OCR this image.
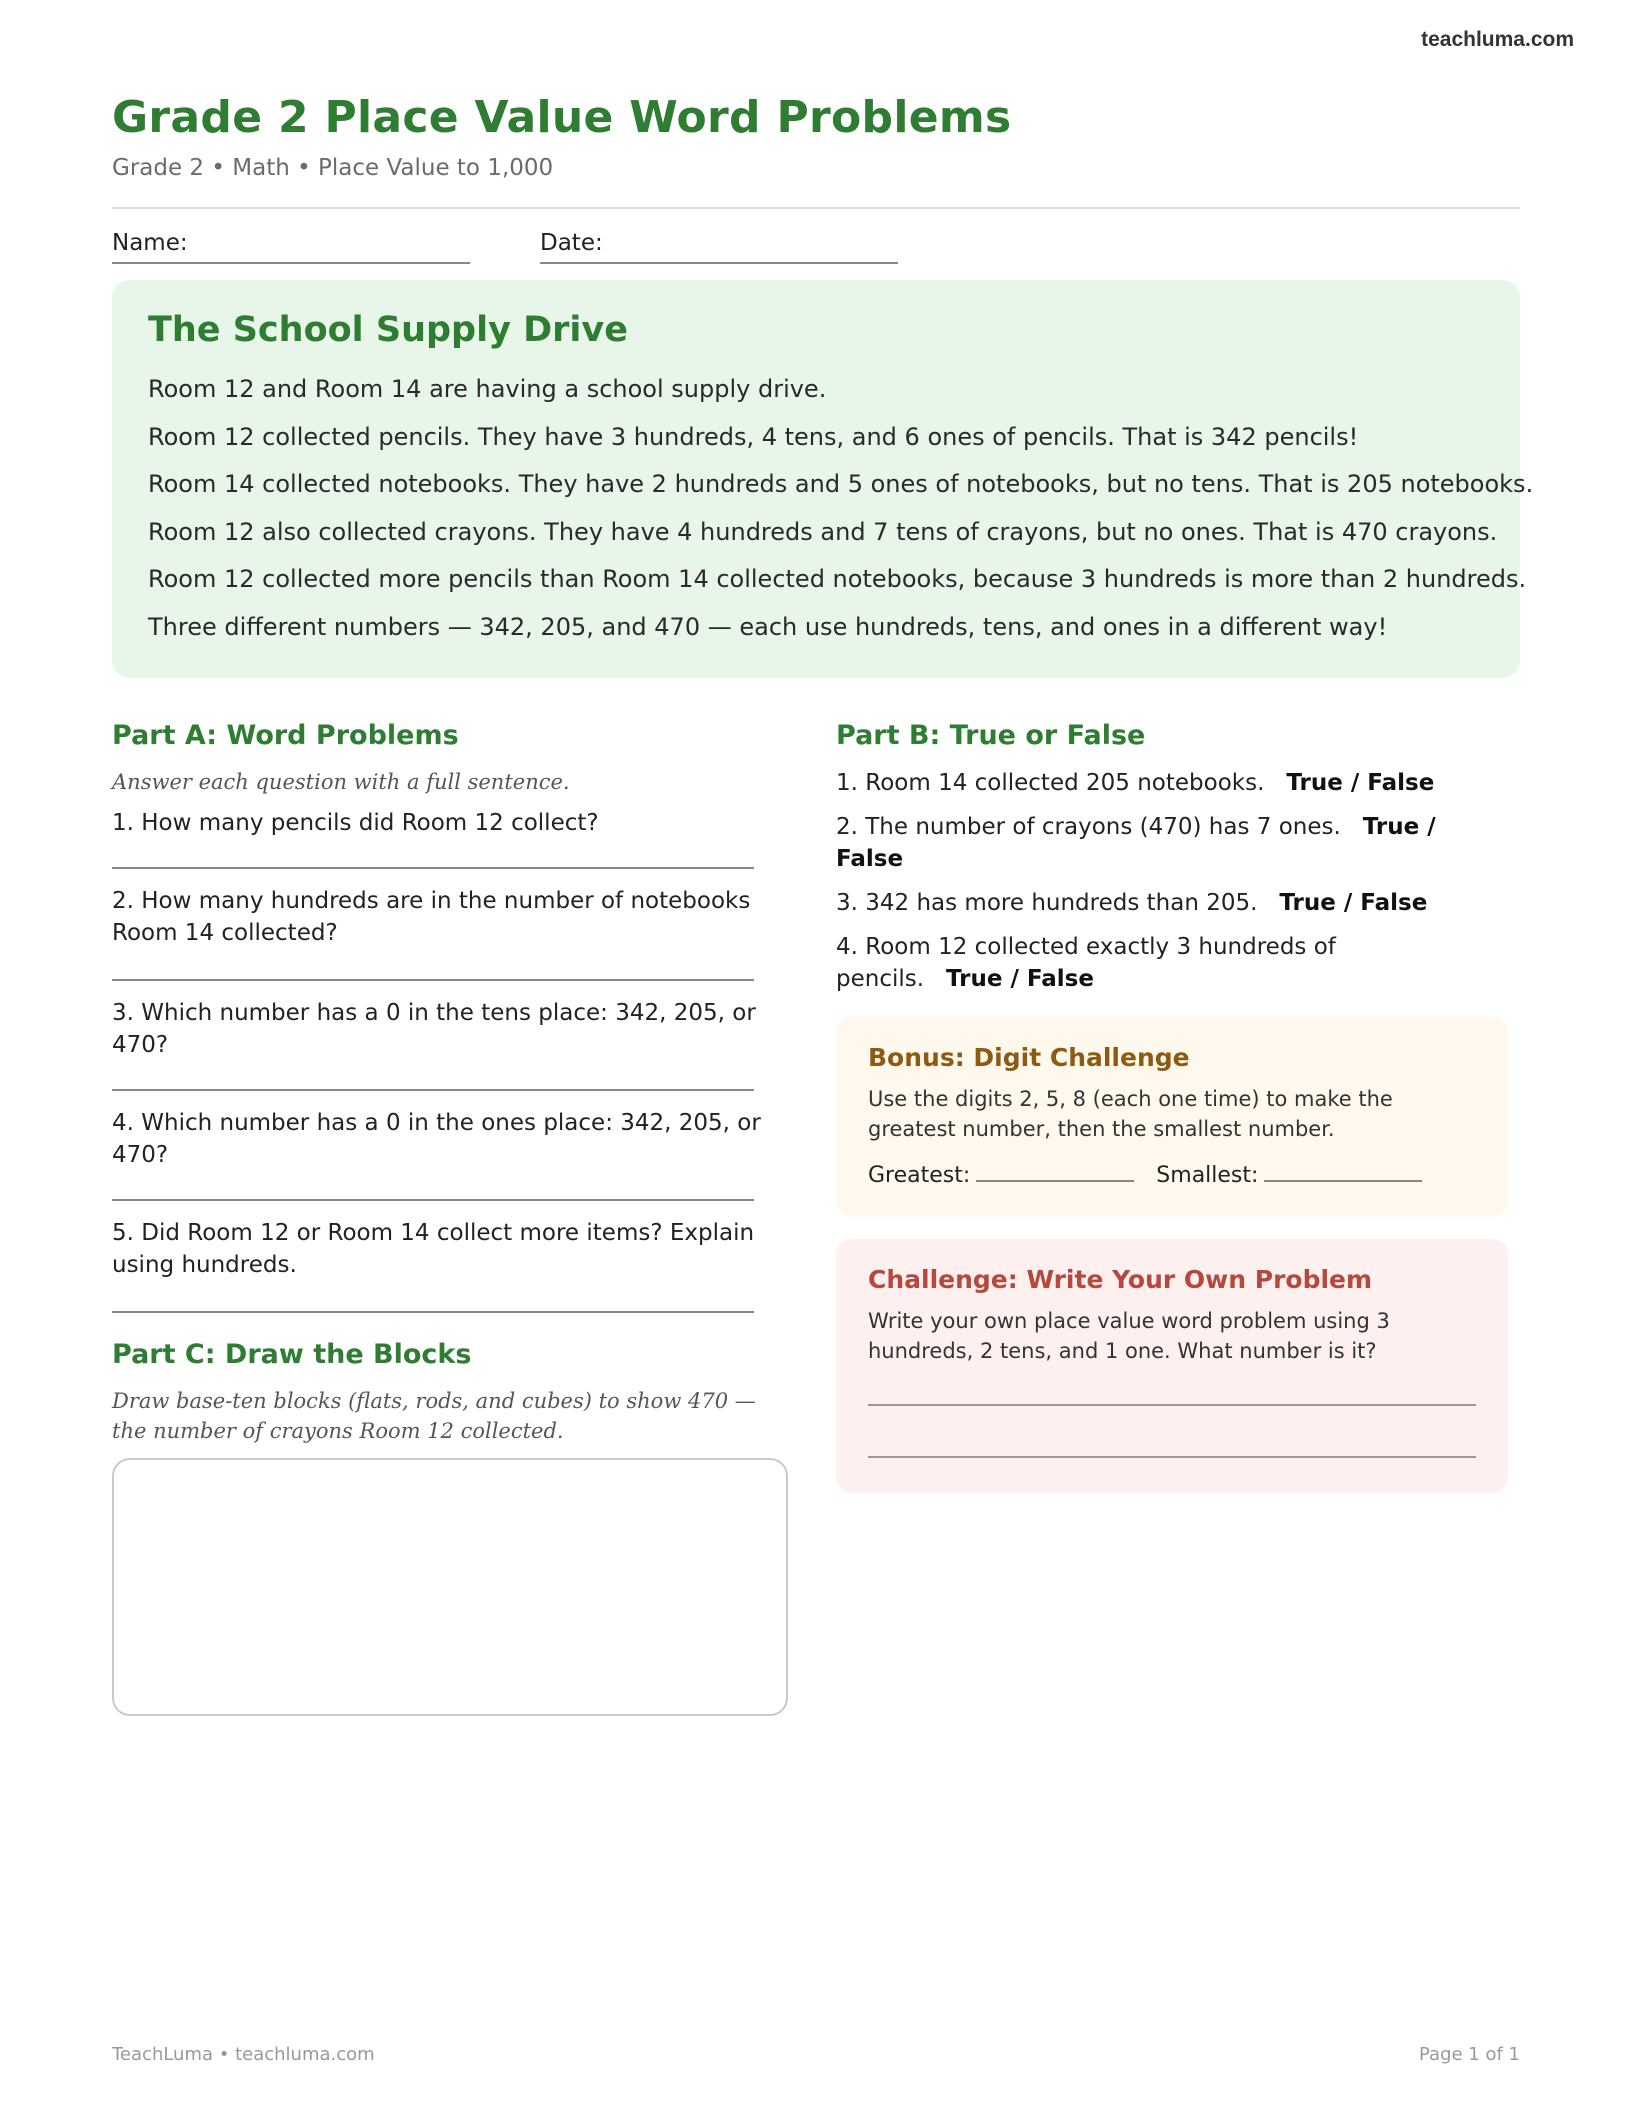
teachluma.com
Grade 2 Place Value Word Problems
Grade 2 • Math • Place Value to 1,000
Name:	Date:
The School Supply Drive

Room 12 and Room 14 are having a school supply drive.

Room 12 collected pencils. They have 3 hundreds, 4 tens, and 6 ones of pencils. That is 342 pencils!

Room 14 collected notebooks. They have 2 hundreds and 5 ones of notebooks, but no tens. That is 205 notebooks.

Room 12 also collected crayons. They have 4 hundreds and 7 tens of crayons, but no ones. That is 470 crayons.

Room 12 collected more pencils than Room 14 collected notebooks, because 3 hundreds is more than 2 hundreds.

Three different numbers — 342, 205, and 470 — each use hundreds, tens, and ones in a different way!

Part A: Word Problems
Answer each question with a full sentence.
1. How many pencils did Room 12 collect?
2. How many hundreds are in the number of notebooks Room 14 collected?
3. Which number has a 0 in the tens place: 342, 205, or 470?
4. Which number has a 0 in the ones place: 342, 205, or 470?
5. Did Room 12 or Room 14 collect more items? Explain using hundreds.
Part C: Draw the Blocks
Draw base-ten blocks (flats, rods, and cubes) to show 470 — the number of crayons Room 12 collected.
Part B: True or False
1. Room 14 collected 205 notebooks. True / False
2. The number of crayons (470) has 7 ones. True / False
3. 342 has more hundreds than 205. True / False
4. Room 12 collected exactly 3 hundreds of pencils. True / False
Bonus: Digit Challenge

Use the digits 2, 5, 8 (each one time) to make the greatest number, then the smallest number.

Greatest:	Smallest:
Challenge: Write Your Own Problem

Write your own place value word problem using 3 hundreds, 2 tens, and 1 one. What number is it?

TeachLuma • teachluma.com	Page 1 of 1
